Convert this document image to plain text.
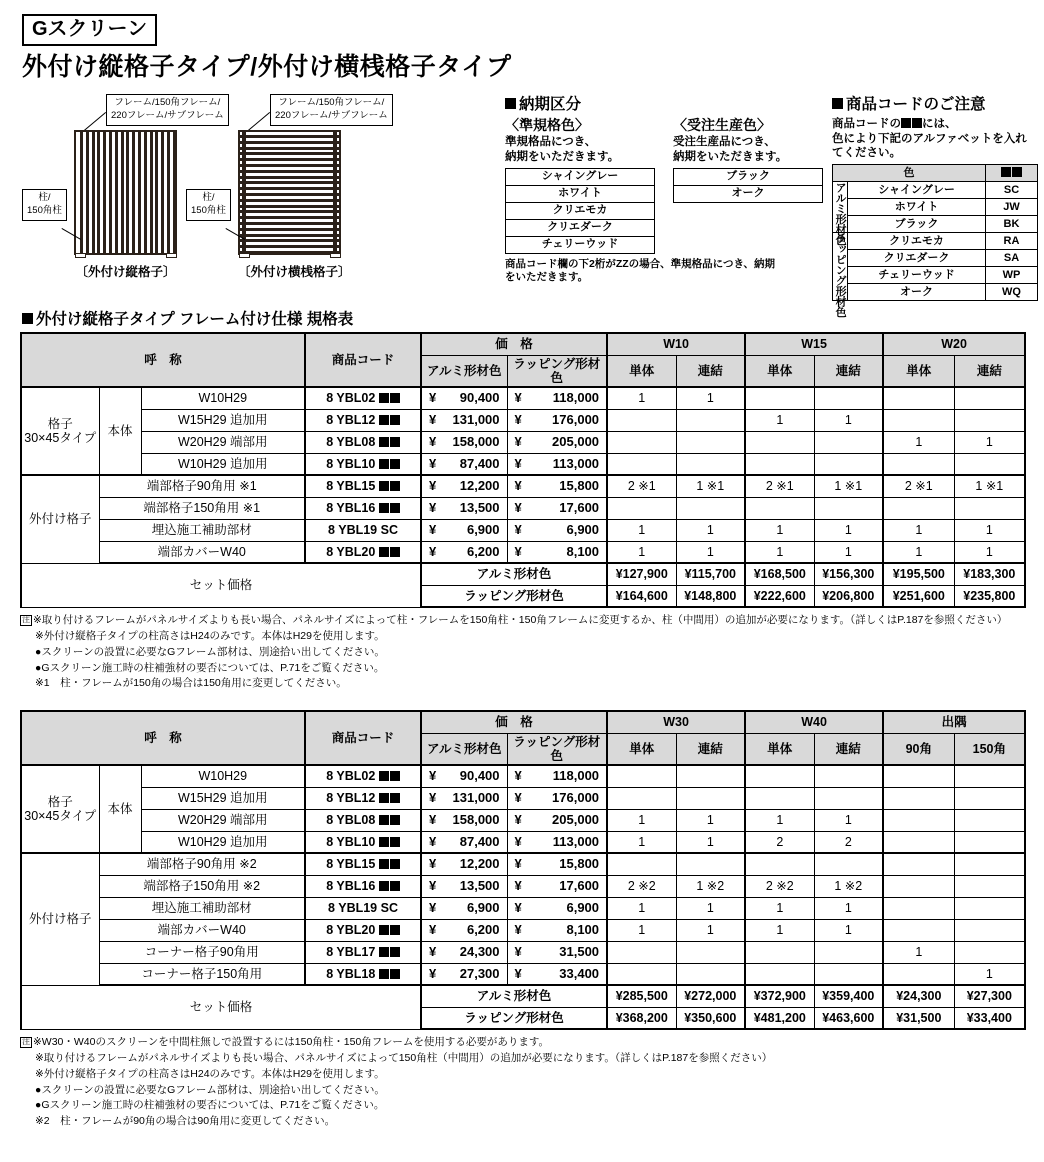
Gスクリーン
外付け縦格子タイプ/外付け横桟格子タイプ
フレーム/150角フレーム/
220フレーム/サブフレーム
柱/
150角柱
〔外付け縦格子〕
フレーム/150角フレーム/
220フレーム/サブフレーム
柱/
150角柱
〔外付け横桟格子〕
納期区分
〈準規格色〉
準規格品につき、
納期をいただきます。
シャイングレー
ホワイト
クリエモカ
クリエダーク
チェリーウッド
〈受注生産色〉
受注生産品につき、
納期をいただきます。
ブラック
オーク
商品コード欄の下2桁がZZの場合、準規格品につき、納期
をいただきます。
商品コードのご注意
商品コードの には、
色により下記のアルファベットを入れ
てください。
色		
アルミ形材色	シャイングレー	SC
	ホワイト	JW
	ブラック	BK
ラッピング形材色	クリエモカ	RA
	クリエダーク	SA
	チェリーウッド	WP
	オーク	WQ
外付け縦格子タイプ フレーム付け仕様 規格表
呼　称			商品コード	価　格		W10		W15		W20	
				アルミ形材色	ラッピング形材色	単体	連結	単体	連結	単体	連結

格子
30×45タイプ
	本体	W10H29	8 YBL02	¥ 90,400	¥ 118,000	1	1				
		W15H29 追加用	8 YBL12	¥ 131,000	¥ 176,000			1	1		
		W20H29 端部用	8 YBL08	¥ 158,000	¥ 205,000					1	1
		W10H29 追加用	8 YBL10	¥ 87,400	¥ 113,000						

外付け格子	端部格子90角用 ※1		8 YBL15	¥ 12,200	¥ 15,800	2 ※1	1 ※1	2 ※1	1 ※1	2 ※1	1 ※1
	端部格子150角用 ※1		8 YBL16	¥ 13,500	¥ 17,600						

	埋込施工補助部材		8 YBL19 SC	¥ 6,900	¥ 6,900	1	1	1	1	1	1
	端部カバーW40		8 YBL20	¥ 6,200	¥ 8,100	1	1	1	1	1	1
セット価格				アルミ形材色		¥127,900	¥115,700	¥168,500	¥156,300	¥195,500	¥183,300
				ラッピング形材色		¥164,600	¥148,800	¥222,600	¥206,800	¥251,600	¥235,800
注 ※取り付けるフレームがパネルサイズよりも長い場合、パネルサイズによって柱・フレームを150角柱・150角フレームに変更するか、柱（中間用）の追加が必要になります。（詳しくはP.187を参照ください）
※外付け縦格子タイプの柱高さはH24のみです。本体はH29を使用します。
●スクリーンの設置に必要なGフレーム部材は、別途拾い出してください。
●Gスクリーン施工時の柱補強材の要否については、P.71をご覧ください。
※1　柱・フレームが150角の場合は150角用に変更してください。
呼　称			商品コード	価　格		W30		W40		出隅	
				アルミ形材色	ラッピング形材色	単体	連結	単体	連結	90角	150角

格子
30×45タイプ
	本体	W10H29	8 YBL02	¥ 90,400	¥ 118,000

		W15H29 追加用	8 YBL12	¥ 131,000	¥ 176,000						

		W20H29 端部用	8 YBL08	¥ 158,000	¥ 205,000	1	1	1	1		
		W10H29 追加用	8 YBL10	¥ 87,400	¥ 113,000	1	1	2	2		
外付け格子	端部格子90角用 ※2		8 YBL15	¥ 12,200	¥ 15,800						

	端部格子150角用 ※2		8 YBL16	¥ 13,500	¥ 17,600	2 ※2	1 ※2	2 ※2	1 ※2		
	埋込施工補助部材		8 YBL19 SC	¥ 6,900	¥ 6,900	1	1	1	1		
	端部カバーW40		8 YBL20	¥ 6,200	¥ 8,100	1	1	1	1		
	コーナー格子90角用		8 YBL17	¥ 24,300	¥ 31,500					1	
	コーナー格子150角用		8 YBL18	¥ 27,300	¥ 33,400						1
セット価格				アルミ形材色		¥285,500	¥272,000	¥372,900	¥359,400	¥24,300	¥27,300
				ラッピング形材色		¥368,200	¥350,600	¥481,200	¥463,600	¥31,500	¥33,400
注 ※W30・W40のスクリーンを中間柱無しで設置するには150角柱・150角フレームを使用する必要があります。
※取り付けるフレームがパネルサイズよりも長い場合、パネルサイズによって150角柱（中間用）の追加が必要になります。（詳しくはP.187を参照ください）
※外付け縦格子タイプの柱高さはH24のみです。本体はH29を使用します。
●スクリーンの設置に必要なGフレーム部材は、別途拾い出してください。
●Gスクリーン施工時の柱補強材の要否については、P.71をご覧ください。
※2　柱・フレームが90角の場合は90角用に変更してください。
